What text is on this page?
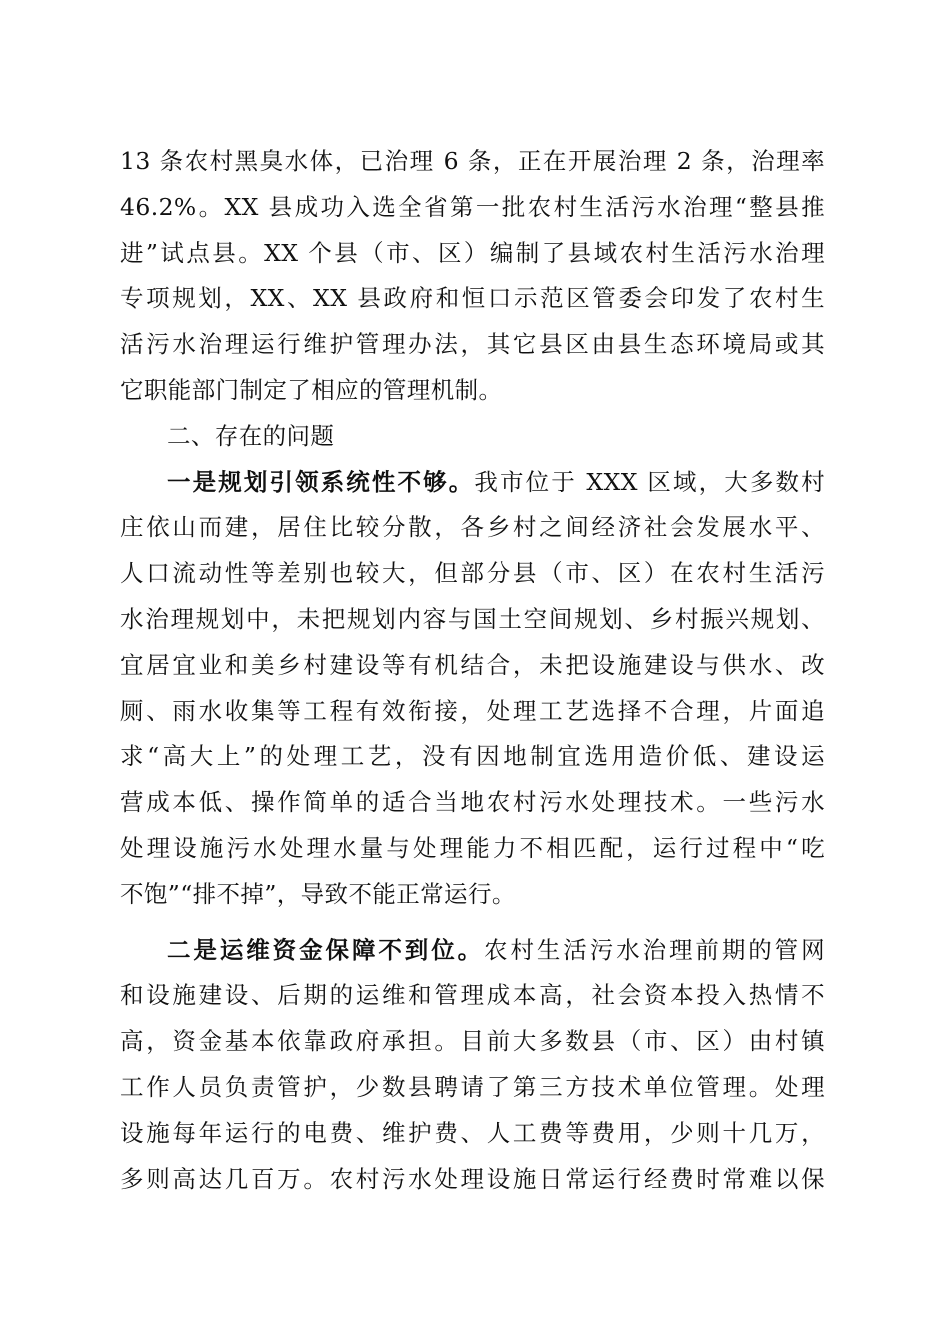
13 条农村黑臭水体，已治理 6 条，正在开展治理 2 条，治理率
46.2%。XX 县成功入选全省第一批农村生活污水治理“整县推
进”试点县。XX 个县（市、区）编制了县域农村生活污水治理
专项规划，XX、XX 县政府和恒口示范区管委会印发了农村生
活污水治理运行维护管理办法，其它县区由县生态环境局或其
它职能部门制定了相应的管理机制。
二、存在的问题
一是规划引领系统性不够。我市位于 XXX 区域，大多数村
庄依山而建，居住比较分散，各乡村之间经济社会发展水平、
人口流动性等差别也较大，但部分县（市、区）在农村生活污
水治理规划中，未把规划内容与国土空间规划、乡村振兴规划、
宜居宜业和美乡村建设等有机结合，未把设施建设与供水、改
厕、雨水收集等工程有效衔接，处理工艺选择不合理，片面追
求“高大上”的处理工艺，没有因地制宜选用造价低、建设运
营成本低、操作简单的适合当地农村污水处理技术。一些污水
处理设施污水处理水量与处理能力不相匹配，运行过程中“吃
不饱”“排不掉”，导致不能正常运行。
二是运维资金保障不到位。农村生活污水治理前期的管网
和设施建设、后期的运维和管理成本高，社会资本投入热情不
高，资金基本依靠政府承担。目前大多数县（市、区）由村镇
工作人员负责管护，少数县聘请了第三方技术单位管理。处理
设施每年运行的电费、维护费、人工费等费用，少则十几万，
多则高达几百万。农村污水处理设施日常运行经费时常难以保
